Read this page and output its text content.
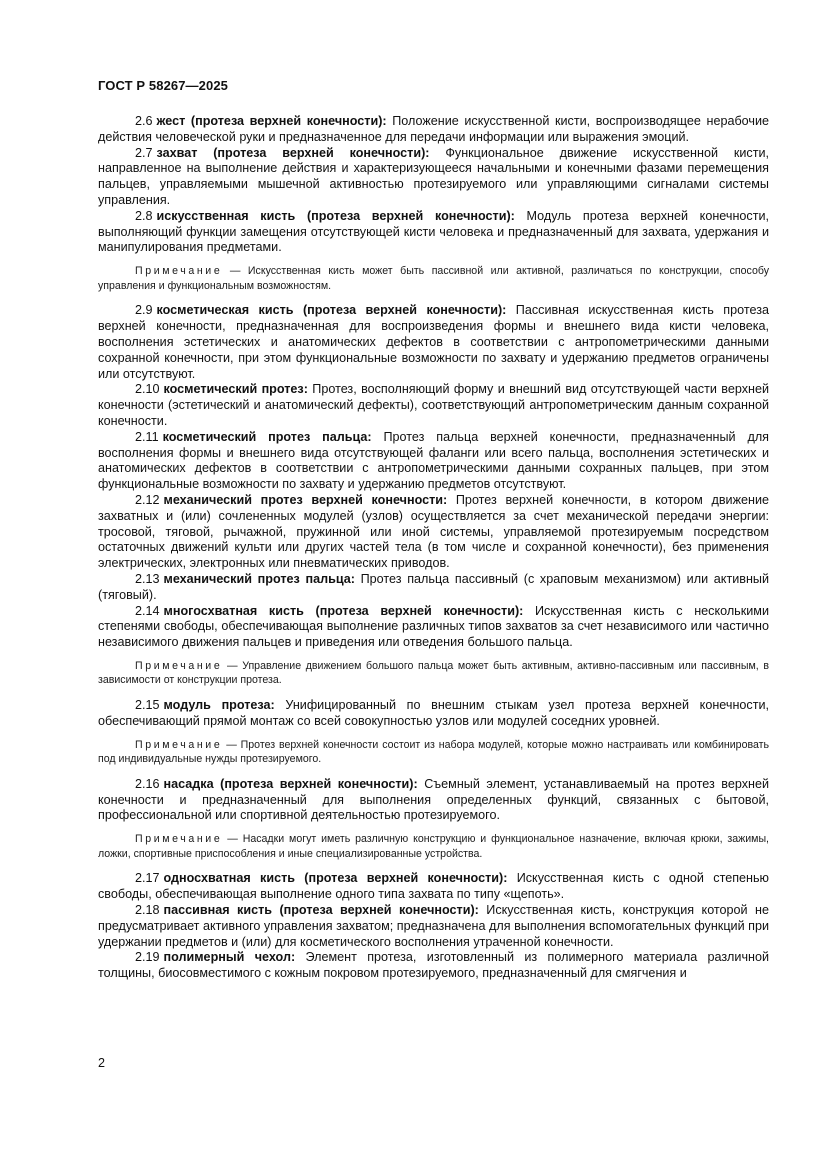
ГОСТ Р 58267—2025

2.6 жест (протеза верхней конечности): Положение искусственной кисти, воспроизводящее нерабочие действия человеческой руки и предназначенное для передачи информации или выражения эмоций.

2.7 захват (протеза верхней конечности): Функциональное движение искусственной кисти, направленное на выполнение действия и характеризующееся начальными и конечными фазами перемещения пальцев, управляемыми мышечной активностью протезируемого или управляющими сигналами системы управления.

2.8 искусственная кисть (протеза верхней конечности): Модуль протеза верхней конечности, выполняющий функции замещения отсутствующей кисти человека и предназначенный для захвата, удержания и манипулирования предметами.

Примечание — Искусственная кисть может быть пассивной или активной, различаться по конструкции, способу управления и функциональным возможностям.

2.9 косметическая кисть (протеза верхней конечности): Пассивная искусственная кисть протеза верхней конечности, предназначенная для воспроизведения формы и внешнего вида кисти человека, восполнения эстетических и анатомических дефектов в соответствии с антропометрическими данными сохранной конечности, при этом функциональные возможности по захвату и удержанию предметов ограничены или отсутствуют.

2.10 косметический протез: Протез, восполняющий форму и внешний вид отсутствующей части верхней конечности (эстетический и анатомический дефекты), соответствующий антропометрическим данным сохранной конечности.

2.11 косметический протез пальца: Протез пальца верхней конечности, предназначенный для восполнения формы и внешнего вида отсутствующей фаланги или всего пальца, восполнения эстетических и анатомических дефектов в соответствии с антропометрическими данными сохранных пальцев, при этом функциональные возможности по захвату и удержанию предметов отсутствуют.

2.12 механический протез верхней конечности: Протез верхней конечности, в котором движение захватных и (или) сочлененных модулей (узлов) осуществляется за счет механической передачи энергии: тросовой, тяговой, рычажной, пружинной или иной системы, управляемой протезируемым посредством остаточных движений культи или других частей тела (в том числе и сохранной конечности), без применения электрических, электронных или пневматических приводов.

2.13 механический протез пальца: Протез пальца пассивный (с храповым механизмом) или активный (тяговый).

2.14 многосхватная кисть (протеза верхней конечности): Искусственная кисть с несколькими степенями свободы, обеспечивающая выполнение различных типов захватов за счет независимого или частично независимого движения пальцев и приведения или отведения большого пальца.

Примечание — Управление движением большого пальца может быть активным, активно-пассивным или пассивным, в зависимости от конструкции протеза.

2.15 модуль протеза: Унифицированный по внешним стыкам узел протеза верхней конечности, обеспечивающий прямой монтаж со всей совокупностью узлов или модулей соседних уровней.

Примечание — Протез верхней конечности состоит из набора модулей, которые можно настраивать или комбинировать под индивидуальные нужды протезируемого.

2.16 насадка (протеза верхней конечности): Съемный элемент, устанавливаемый на протез верхней конечности и предназначенный для выполнения определенных функций, связанных с бытовой, профессиональной или спортивной деятельностью протезируемого.

Примечание — Насадки могут иметь различную конструкцию и функциональное назначение, включая крюки, зажимы, ложки, спортивные приспособления и иные специализированные устройства.

2.17 односхватная кисть (протеза верхней конечности): Искусственная кисть с одной степенью свободы, обеспечивающая выполнение одного типа захвата по типу «щепоть».

2.18 пассивная кисть (протеза верхней конечности): Искусственная кисть, конструкция которой не предусматривает активного управления захватом; предназначена для выполнения вспомогательных функций при удержании предметов и (или) для косметического восполнения утраченной конечности.

2.19 полимерный чехол: Элемент протеза, изготовленный из полимерного материала различной толщины, биосовместимого с кожным покровом протезируемого, предназначенный для смягчения и

2
